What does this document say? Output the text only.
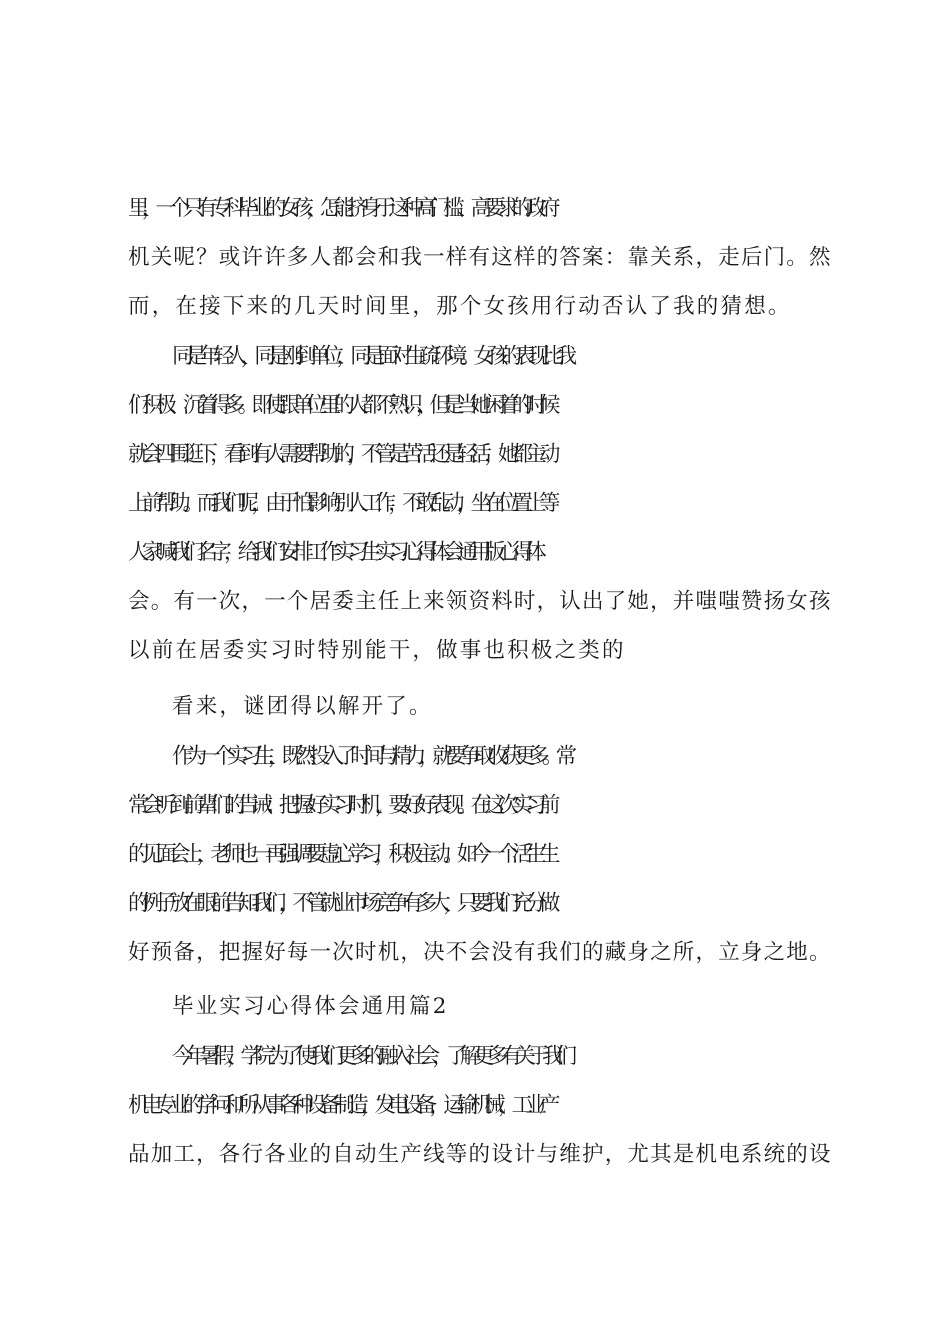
里，一个只有专科毕业的女孩，怎能挤身于这种高门槛、高要求的政府
机关呢？或许许多人都会和我一样有这样的答案：靠关系，走后门。然
而，在接下来的几天时间里，那个女孩用行动否认了我的猜想。
同是年轻人，同是刚到单位，同是面对生疏环境。女孩的表现比我
们积极、沉着得多。即使跟单位里的人都不熟识，但是当她闲着的时候
就会四围逛下，看到有人需要帮助的，不管是苦活还是轻活，她都主动
上前帮助。而我们呢，由于怕影响别人工作，不敢乱动，坐在位置上等
人家喊我们名字，给我们安排工作实习生实习心得体会通用版心得体
会。有一次，一个居委主任上来领资料时，认出了她，并嗤嗤赞扬女孩
以前在居委实习时特别能干，做事也积极之类的
看来，谜团得以解开了。
作为一个实习生，既然投入了时间与精力，就要争取收获更多。常
常会听到前辈们的告诫：把握好实习时机，要好好表现。在这次实习前
的见面会上，老师也一再强调要虚心学习，积极主动。如今一个活生生
的例子放在眼前告知我们，不管就业市场竞争有多大，只要我们充分做
好预备，把握好每一次时机，决不会没有我们的藏身之所，立身之地。
毕业实习心得体会通用篇2
今年暑假，学院为了使我们更多的融入社会，了解更多有关于我们
机电专业的学问和所从事各种设备制造，发电设备，运输机械，工业产
品加工，各行各业的自动生产线等的设计与维护，尤其是机电系统的设
